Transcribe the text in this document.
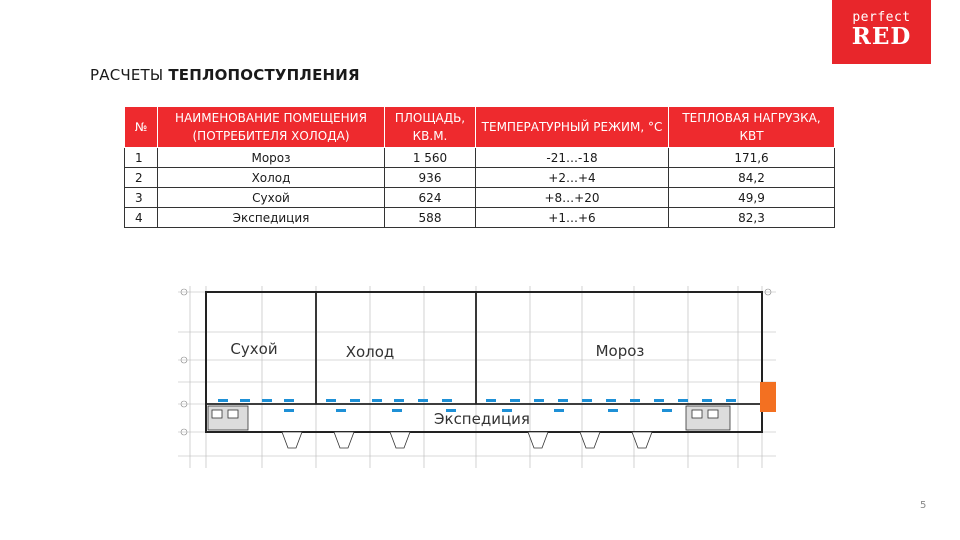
perfect
RED
РАСЧЕТЫ ТЕПЛОПОСТУПЛЕНИЯ
№	НАИМЕНОВАНИЕ ПОМЕЩЕНИЯ (ПОТРЕБИТЕЛЯ ХОЛОДА)	ПЛОЩАДЬ, КВ.М.	ТЕМПЕРАТУРНЫЙ РЕЖИМ, °С	ТЕПЛОВАЯ НАГРУЗКА, КВТ
1	Мороз	1 560	-21…-18	171,6
2	Холод	936	+2…+4	84,2
3	Сухой	624	+8…+20	49,9
4	Экспедиция	588	+1…+6	82,3
Сухой	Холод	Мороз
Экспедиция
5
